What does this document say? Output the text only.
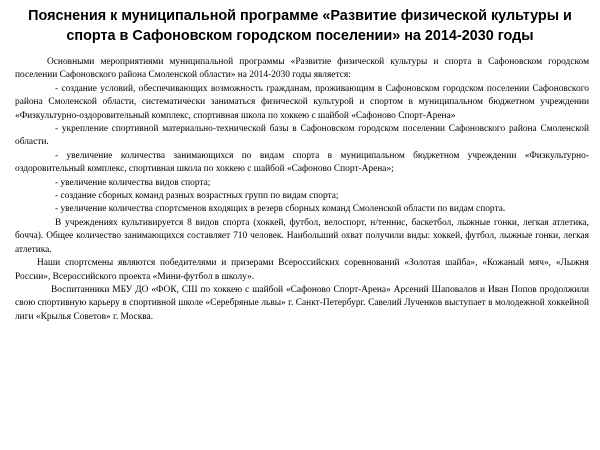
Пояснения к муниципальной программе «Развитие физической культуры и
спорта в Сафоновском городском поселении» на 2014-2030 годы

Основными мероприятиями муниципальной программы «Развитие физической культуры и спорта в Сафоновском городском поселении Сафоновского района Смоленской области» на 2014-2030 годы является:

- создание условий, обеспечивающих возможность гражданам, проживающим в Сафоновском городском поселении Сафоновского района Смоленской области, систематически заниматься физической культурой и спортом в муниципальном бюджетном учреждении «Физкультурно-оздоровительный комплекс, спортивная школа по хоккею с шайбой «Сафоново Спорт-Арена»

- укрепление спортивной материально-технической базы в Сафоновском городском поселении Сафоновского района Смоленской области.

- увеличение количества занимающихся по видам спорта в муниципальном бюджетном учреждении «Физкультурно-оздоровительный комплекс, спортивная школа по хоккею с шайбой «Сафоново Спорт-Арена»;

- увеличение количества видов спорта;

- создание сборных команд разных возрастных групп по видам спорта;

- увеличение количества спортсменов входящих в резерв сборных команд Смоленской области по видам спорта.

В учреждениях культивируется 8 видов спорта (хоккей, футбол, велоспорт, н/теннис, баскетбол, лыжные гонки, легкая атлетика, бочча). Общее количество занимающихся составляет 710 человек. Наибольший охват получили виды: хоккей, футбол, лыжные гонки, легкая атлетика.

Наши спортсмены являются победителями и призерами Всероссийских соревнований «Золотая шайба», «Кожаный мяч», «Лыжня России», Всероссийского проекта «Мини-футбол в школу».

Воспитанники МБУ ДО «ФОК, СШ по хоккею с шайбой «Сафоново Спорт-Арена» Арсений Шаповалов и Иван Попов продолжили свою спортивную карьеру в спортивной школе «Серебряные львы» г. Санкт-Петербург. Савелий Лученков выступает в молодежной хоккейной лиги «Крылья Советов» г. Москва.
